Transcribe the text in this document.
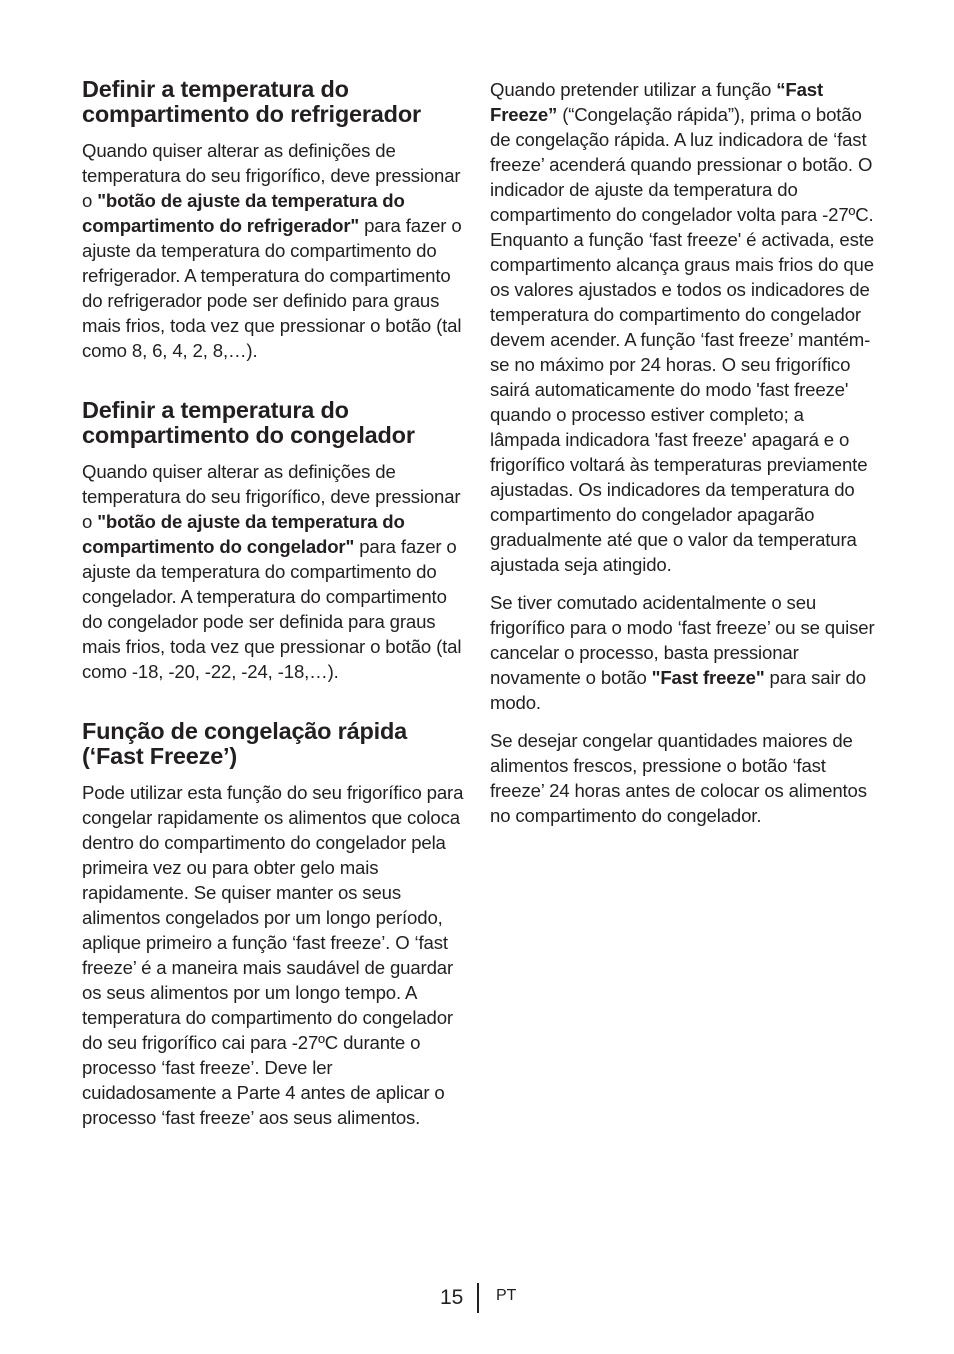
Definir a temperatura do compartimento do refrigerador

Quando quiser alterar as definições de temperatura do seu frigorífico, deve pressionar o "botão de ajuste da temperatura do compartimento do refrigerador" para fazer o ajuste da temperatura do compartimento do refrigerador. A temperatura do compartimento do refrigerador pode ser definido para graus mais frios, toda vez que pressionar o botão (tal como 8, 6, 4, 2, 8,…).

Definir a temperatura do compartimento do congelador

Quando quiser alterar as definições de temperatura do seu frigorífico, deve pressionar o "botão de ajuste da temperatura do compartimento do congelador" para fazer o ajuste da temperatura do compartimento do congelador. A temperatura do compartimento do congelador pode ser definida para graus mais frios, toda vez que pressionar o botão (tal como -18, -20, -22, -24, -18,…).

Função de congelação rápida (‘Fast Freeze’)

Pode utilizar esta função do seu frigorífico para congelar rapidamente os alimentos que coloca dentro do compartimento do congelador pela primeira vez ou para obter gelo mais rapidamente. Se quiser manter os seus alimentos congelados por um longo período, aplique primeiro a função ‘fast freeze’. O ‘fast freeze’ é a maneira mais saudável de guardar os seus alimentos por um longo tempo. A temperatura do compartimento do congelador do seu frigorífico cai para -27ºC durante o processo ‘fast freeze’. Deve ler cuidadosamente a Parte 4 antes de aplicar o processo ‘fast freeze’ aos seus alimentos.

Quando pretender utilizar a função “Fast Freeze” (“Congelação rápida”), prima o botão de congelação rápida. A luz indicadora de ‘fast freeze’ acenderá quando pressionar o botão. O indicador de ajuste da temperatura do compartimento do congelador volta para -27ºC. Enquanto a função ‘fast freeze' é activada, este compartimento alcança graus mais frios do que os valores ajustados e todos os indicadores de temperatura do compartimento do congelador devem acender. A função ‘fast freeze’ mantém-se no máximo por 24 horas. O seu frigorífico sairá automaticamente do modo 'fast freeze' quando o processo estiver completo; a lâmpada indicadora 'fast freeze' apagará e o frigorífico voltará às temperaturas previamente ajustadas. Os indicadores da temperatura do compartimento do congelador apagarão gradualmente até que o valor da temperatura ajustada seja atingido.

Se tiver comutado acidentalmente o seu frigorífico para o modo ‘fast freeze’ ou se quiser cancelar o processo, basta pressionar novamente o botão "Fast freeze" para sair do modo.

Se desejar congelar quantidades maiores de alimentos frescos, pressione o botão ‘fast freeze’ 24 horas antes de colocar os alimentos no compartimento do congelador.

15 PT
